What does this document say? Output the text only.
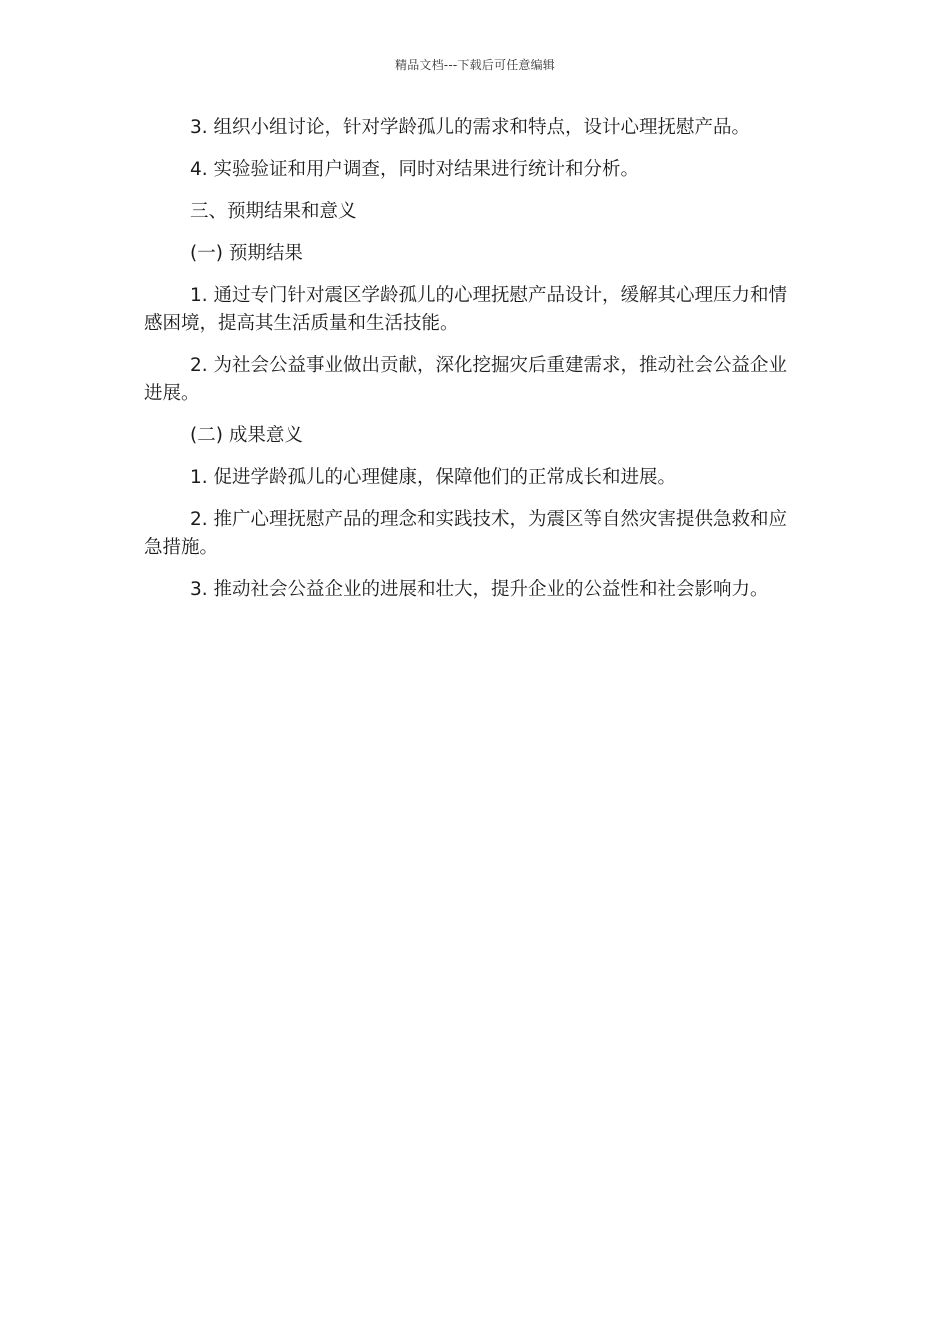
精品文档---下载后可任意编辑

3. 组织小组讨论，针对学龄孤儿的需求和特点，设计心理抚慰产品。

4. 实验验证和用户调查，同时对结果进行统计和分析。

三、预期结果和意义

(一) 预期结果

1. 通过专门针对震区学龄孤儿的心理抚慰产品设计，缓解其心理压力和情感困境，提高其生活质量和生活技能。

2. 为社会公益事业做出贡献，深化挖掘灾后重建需求，推动社会公益企业进展。

(二) 成果意义

1. 促进学龄孤儿的心理健康，保障他们的正常成长和进展。

2. 推广心理抚慰产品的理念和实践技术，为震区等自然灾害提供急救和应急措施。

3. 推动社会公益企业的进展和壮大，提升企业的公益性和社会影响力。
